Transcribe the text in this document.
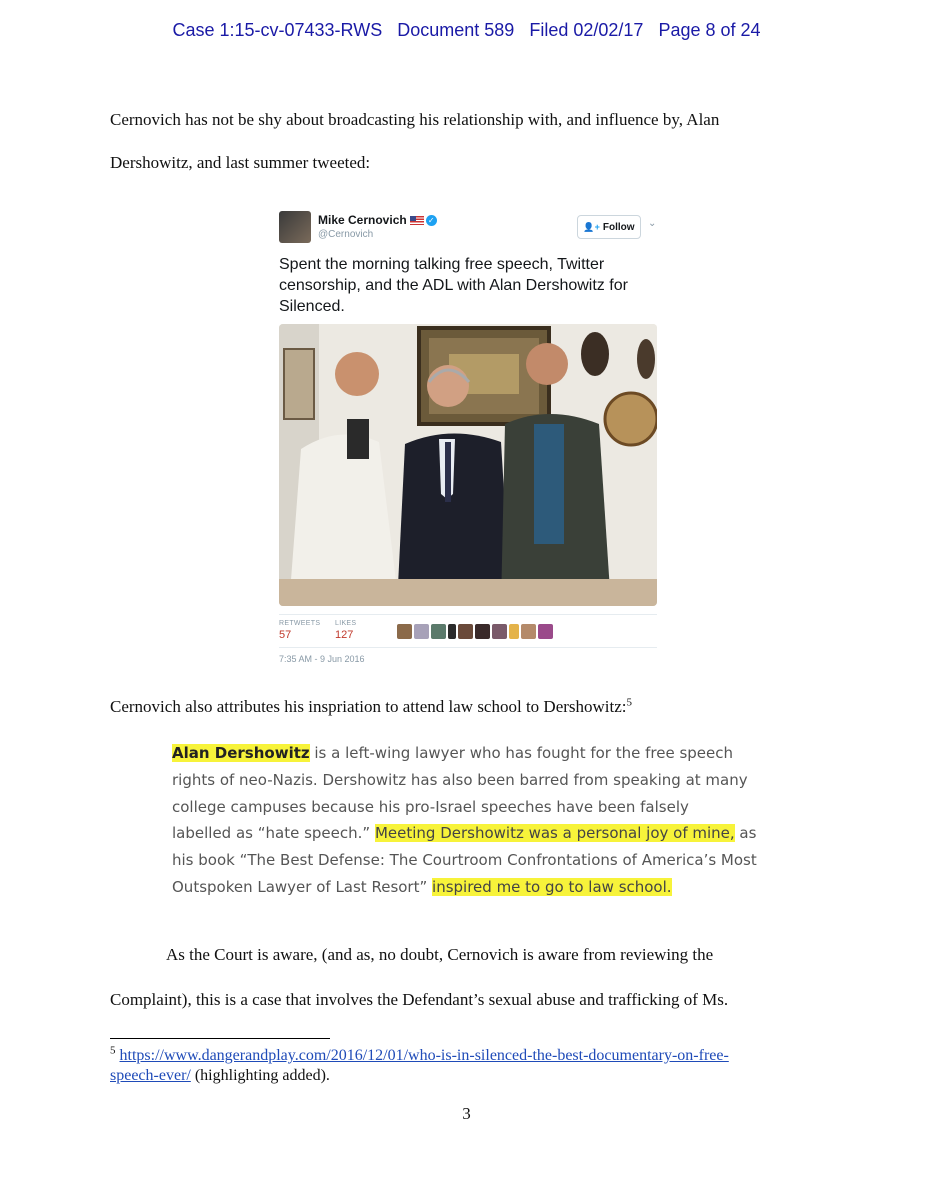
Case 1:15-cv-07433-RWS Document 589 Filed 02/02/17 Page 8 of 24
Cernovich has not be shy about broadcasting his relationship with, and influence by, Alan
Dershowitz, and last summer tweeted:
Mike Cernovich	✓
@Cernovich
👤+ Follow	⌄
Spent the morning talking free speech, Twitter censorship, and the ADL with Alan Dershowitz for Silenced.
RETWEETS
57
LIKES
127
7:35 AM - 9 Jun 2016
Cernovich also attributes his inspriation to attend law school to Dershowitz:$^5$
Alan Dershowitz is a left-wing lawyer who has fought for the free speech
rights of neo-Nazis. Dershowitz has also been barred from speaking at many
college campuses because his pro-Israel speeches have been falsely
labelled as “hate speech.” Meeting Dershowitz was a personal joy of mine, as
his book “The Best Defense: The Courtroom Confrontations of America’s Most
Outspoken Lawyer of Last Resort” inspired me to go to law school.
As the Court is aware, (and as, no doubt, Cernovich is aware from reviewing the
Complaint), this is a case that involves the Defendant’s sexual abuse and trafficking of Ms.
$^5$ https://www.dangerandplay.com/2016/12/01/who-is-in-silenced-the-best-documentary-on-free-
speech-ever/ (highlighting added).
3
